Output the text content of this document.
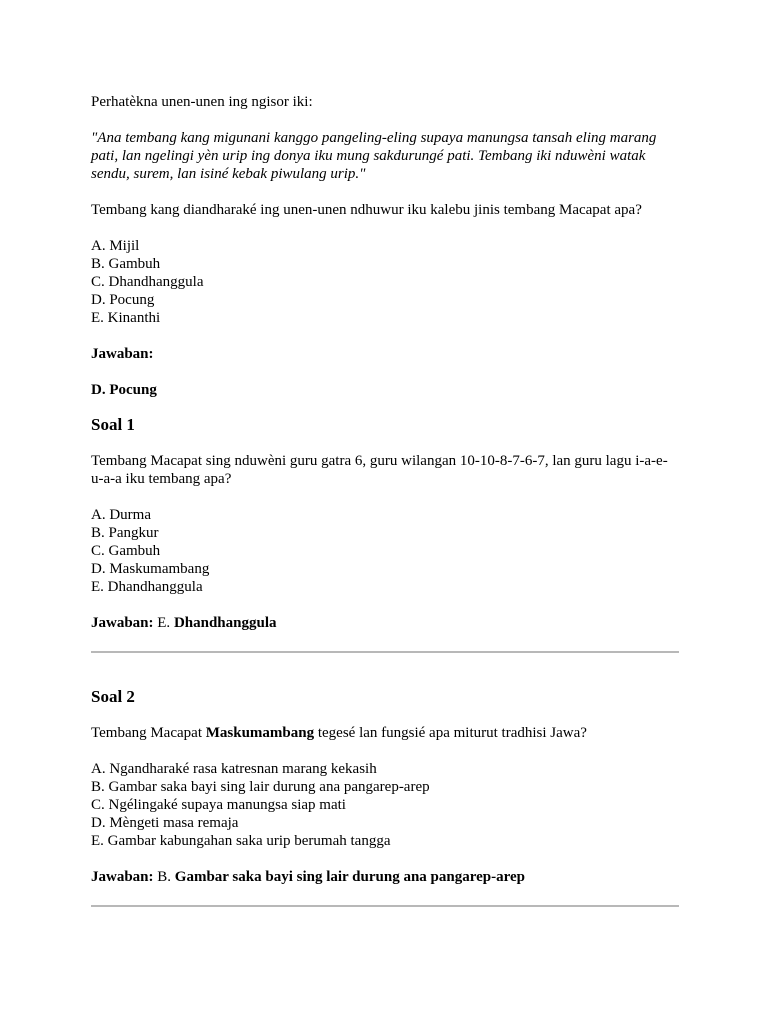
Perhatèkna unen-unen ing ngisor iki:

"Ana tembang kang migunani kanggo pangeling-eling supaya manungsa tansah eling marang pati, lan ngelingi yèn urip ing donya iku mung sakdurungé pati. Tembang iki nduwèni watak sendu, surem, lan isiné kebak piwulang urip."

Tembang kang diandharaké ing unen-unen ndhuwur iku kalebu jinis tembang Macapat apa?

A. Mijil
B. Gambuh
C. Dhandhanggula
D. Pocung
E. Kinanthi

Jawaban:

D. Pocung

Soal 1

Tembang Macapat sing nduwèni guru gatra 6, guru wilangan 10-10-8-7-6-7, lan guru lagu i-a-e-u-a-a iku tembang apa?

A. Durma
B. Pangkur
C. Gambuh
D. Maskumambang
E. Dhandhanggula

Jawaban: E. Dhandhanggula

Soal 2

Tembang Macapat Maskumambang tegesé lan fungsié apa miturut tradhisi Jawa?

A. Ngandharaké rasa katresnan marang kekasih
B. Gambar saka bayi sing lair durung ana pangarep-arep
C. Ngélingaké supaya manungsa siap mati
D. Mèngeti masa remaja
E. Gambar kabungahan saka urip berumah tangga

Jawaban: B. Gambar saka bayi sing lair durung ana pangarep-arep
